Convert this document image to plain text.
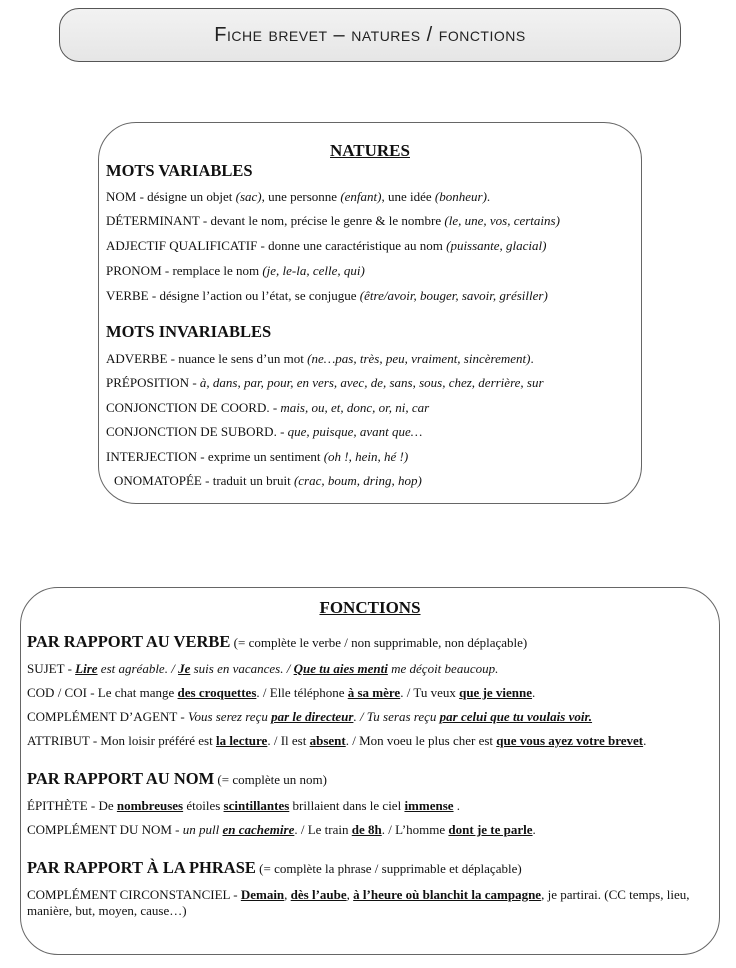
Fiche brevet – natures / fonctions
NATURES
MOTS VARIABLES
NOM - désigne un objet (sac), une personne (enfant), une idée (bonheur).
DÉTERMINANT - devant le nom, précise le genre & le nombre (le, une, vos, certains)
ADJECTIF QUALIFICATIF - donne une caractéristique au nom (puissante, glacial)
PRONOM - remplace le nom (je, le-la, celle, qui)
VERBE - désigne l’action ou l’état, se conjugue (être/avoir, bouger, savoir, grésiller)
MOTS INVARIABLES
ADVERBE - nuance le sens d’un mot (ne…pas, très, peu, vraiment, sincèrement).
PRÉPOSITION - à, dans, par, pour, en vers, avec, de, sans, sous, chez, derrière, sur
CONJONCTION DE COORD. - mais, ou, et, donc, or, ni, car
CONJONCTION DE SUBORD. - que, puisque, avant que…
INTERJECTION - exprime un sentiment (oh !, hein, hé !)
ONOMATOPÉE - traduit un bruit (crac, boum, dring, hop)
FONCTIONS
PAR RAPPORT AU VERBE (= complète le verbe / non supprimable, non déplaçable)
SUJET - Lire est agréable. / Je suis en vacances. / Que tu aies menti me déçoit beaucoup.
COD / COI - Le chat mange des croquettes. / Elle téléphone à sa mère. / Tu veux que je vienne.
COMPLÉMENT D’AGENT - Vous serez reçu par le directeur. / Tu seras reçu par celui que tu voulais voir.
ATTRIBUT - Mon loisir préféré est la lecture. / Il est absent. / Mon voeu le plus cher est que vous ayez votre brevet.
PAR RAPPORT AU NOM (= complète un nom)
ÉPITHÈTE - De nombreuses étoiles scintillantes brillaient dans le ciel immense .
COMPLÉMENT DU NOM - un pull en cachemire. / Le train de 8h. / L’homme dont je te parle.
PAR RAPPORT À LA PHRASE (= complète la phrase / supprimable et déplaçable)
COMPLÉMENT CIRCONSTANCIEL - Demain, dès l’aube, à l’heure où blanchit la campagne, je partirai. (CC temps, lieu, manière, but, moyen, cause…)
